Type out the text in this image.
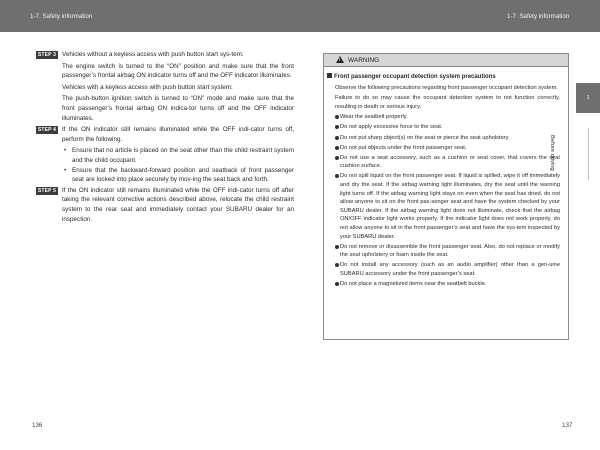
1-7. Safety information	1-7. Safety information
STEP 3 Vehicles without a keyless access with push button start sys-tem:

The engine switch is turned to the “ON” position and make sure that the front passenger’s frontal airbag ON indicator turns off and the OFF indicator illuminates.

Vehicles with a keyless access with push button start system:

The push-button ignition switch is turned to “ON” mode and make sure that the front passenger’s frontal airbag ON indica-tor turns off and the OFF indicator illuminates.

STEP 4 If the ON indicator still remains illuminated while the OFF indi-cator turns off, perform the following.

• Ensure that no article is placed on the seat other than the child restraint system and the child occupant.

• Ensure that the backward-forward position and seatback of front passenger seat are locked into place securely by mov-ing the seat back and forth.

STEP 5 If the ON indicator still remains illuminated while the OFF indi-cator turns off after taking the relevant corrective actions described above, relocate the child restraint system to the rear seat and immediately contact your SUBARU dealer for an inspection.

! WARNING
Front passenger occupant detection system precautions

Observe the following precautions regarding front passenger occupant detection system.

Failure to do so may cause the occupant detection system to not function correctly, resulting in death or serious injury.

Wear the seatbelt properly.

Do not apply excessive force to the seat.

Do not put sharp object(s) on the seat or pierce the seat upholstery.

Do not put objects under the front passenger seat.

Do not use a seat accessory, such as a cushion or seat cover, that covers the seat cushion surface.

Do not spill liquid on the front passenger seat. If liquid is spilled, wipe it off immediately and dry the seat. If the airbag warning light illuminates, dry the seat until the warning light turns off. If the airbag warning light stays on even when the seat has dried, do not allow anyone to sit on the front pas-senger seat and have the system checked by your SUBARU dealer. If the airbag warning light does not illuminate, check that the airbag ON/OFF indicator light works properly. If the indicator light does not work properly, do not allow anyone to sit in the front passenger’s seat and have the sys-tem inspected by your SUBARU dealer.

Do not remove or disassemble the front passenger seat. Also, do not replace or modify the seat upholstery or foam inside the seat.

Do not install any accessory (such as an audio amplifier) other than a gen-uine SUBARU accessory under the front passenger’s seat.

Do not place a magnetized items near the seatbelt buckle.

1
Before driving
136	137
